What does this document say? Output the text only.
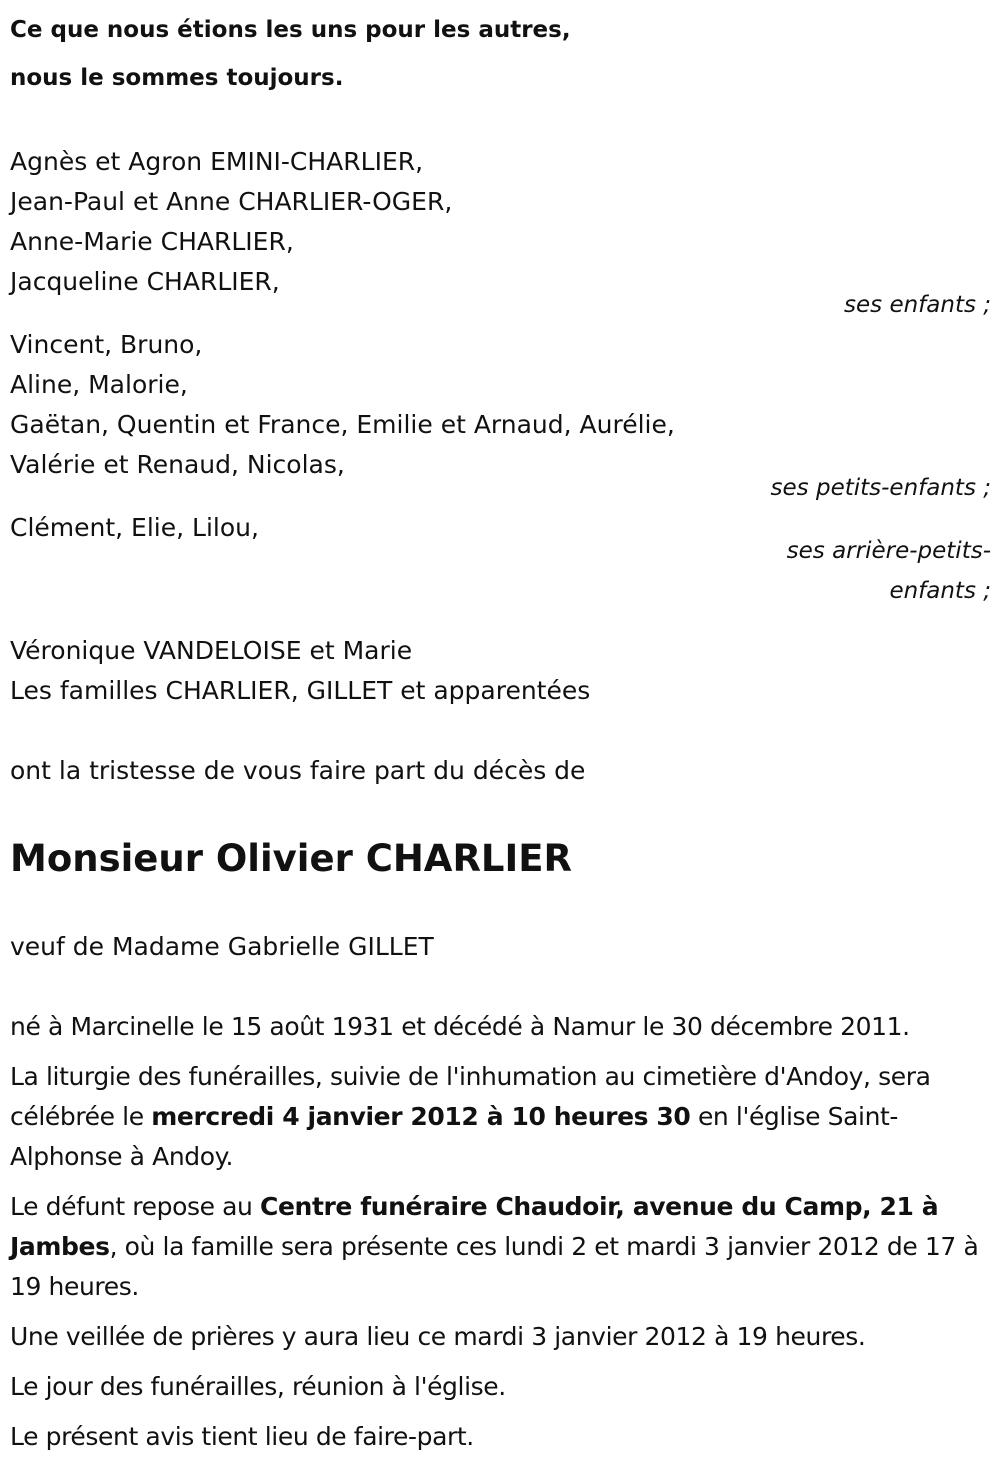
Ce que nous étions les uns pour les autres,
nous le sommes toujours.

Agnès et Agron EMINI-CHARLIER,
Jean-Paul et Anne CHARLIER-OGER,
Anne-Marie CHARLIER,
Jacqueline CHARLIER,
ses enfants ;
Vincent, Bruno,
Aline, Malorie,
Gaëtan, Quentin et France, Emilie et Arnaud, Aurélie,
Valérie et Renaud, Nicolas,
ses petits-enfants ;
Clément, Elie, Lilou,
ses arrière-petits-enfants ;
Véronique VANDELOISE et Marie
Les familles CHARLIER, GILLET et apparentées

ont la tristesse de vous faire part du décès de

Monsieur Olivier CHARLIER

veuf de Madame Gabrielle GILLET

né à Marcinelle le 15 août 1931 et décédé à Namur le 30 décembre 2011.

La liturgie des funérailles, suivie de l'inhumation au cimetière d'Andoy, sera célébrée le mercredi 4 janvier 2012 à 10 heures 30 en l'église Saint-Alphonse à Andoy.

Le défunt repose au Centre funéraire Chaudoir, avenue du Camp, 21 à Jambes, où la famille sera présente ces lundi 2 et mardi 3 janvier 2012 de 17 à 19 heures.

Une veillée de prières y aura lieu ce mardi 3 janvier 2012 à 19 heures.

Le jour des funérailles, réunion à l'église.

Le présent avis tient lieu de faire-part.
